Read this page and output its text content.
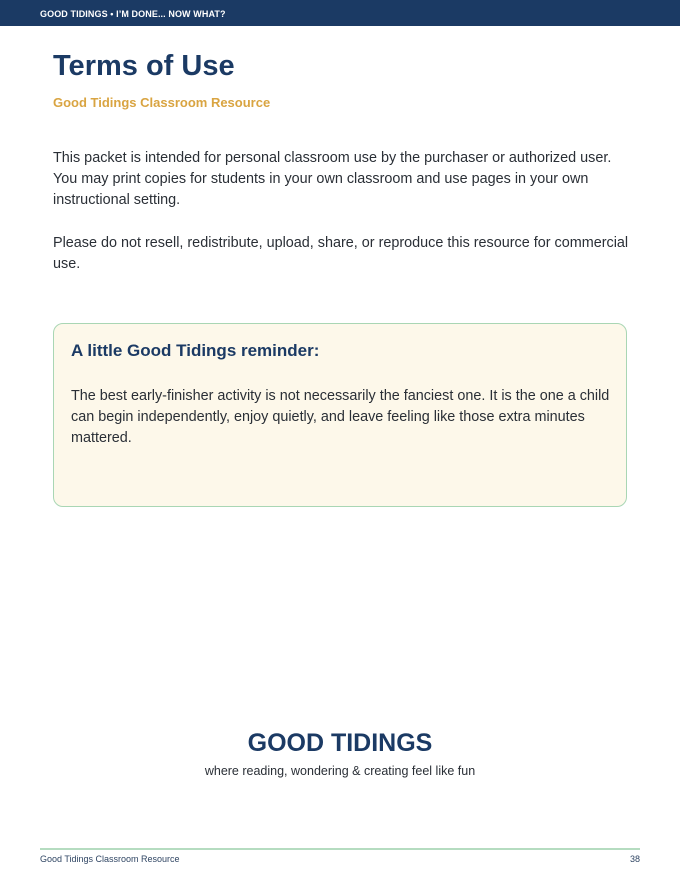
GOOD TIDINGS • I’M DONE... NOW WHAT?
Terms of Use
Good Tidings Classroom Resource

This packet is intended for personal classroom use by the purchaser or authorized user. You may print copies for students in your own classroom and use pages in your own instructional setting.

Please do not resell, redistribute, upload, share, or reproduce this resource for commercial use.

A little Good Tidings reminder:

The best early-finisher activity is not necessarily the fanciest one. It is the one a child can begin independently, enjoy quietly, and leave feeling like those extra minutes mattered.

GOOD TIDINGS
where reading, wondering & creating feel like fun
Good Tidings Classroom Resource	38
